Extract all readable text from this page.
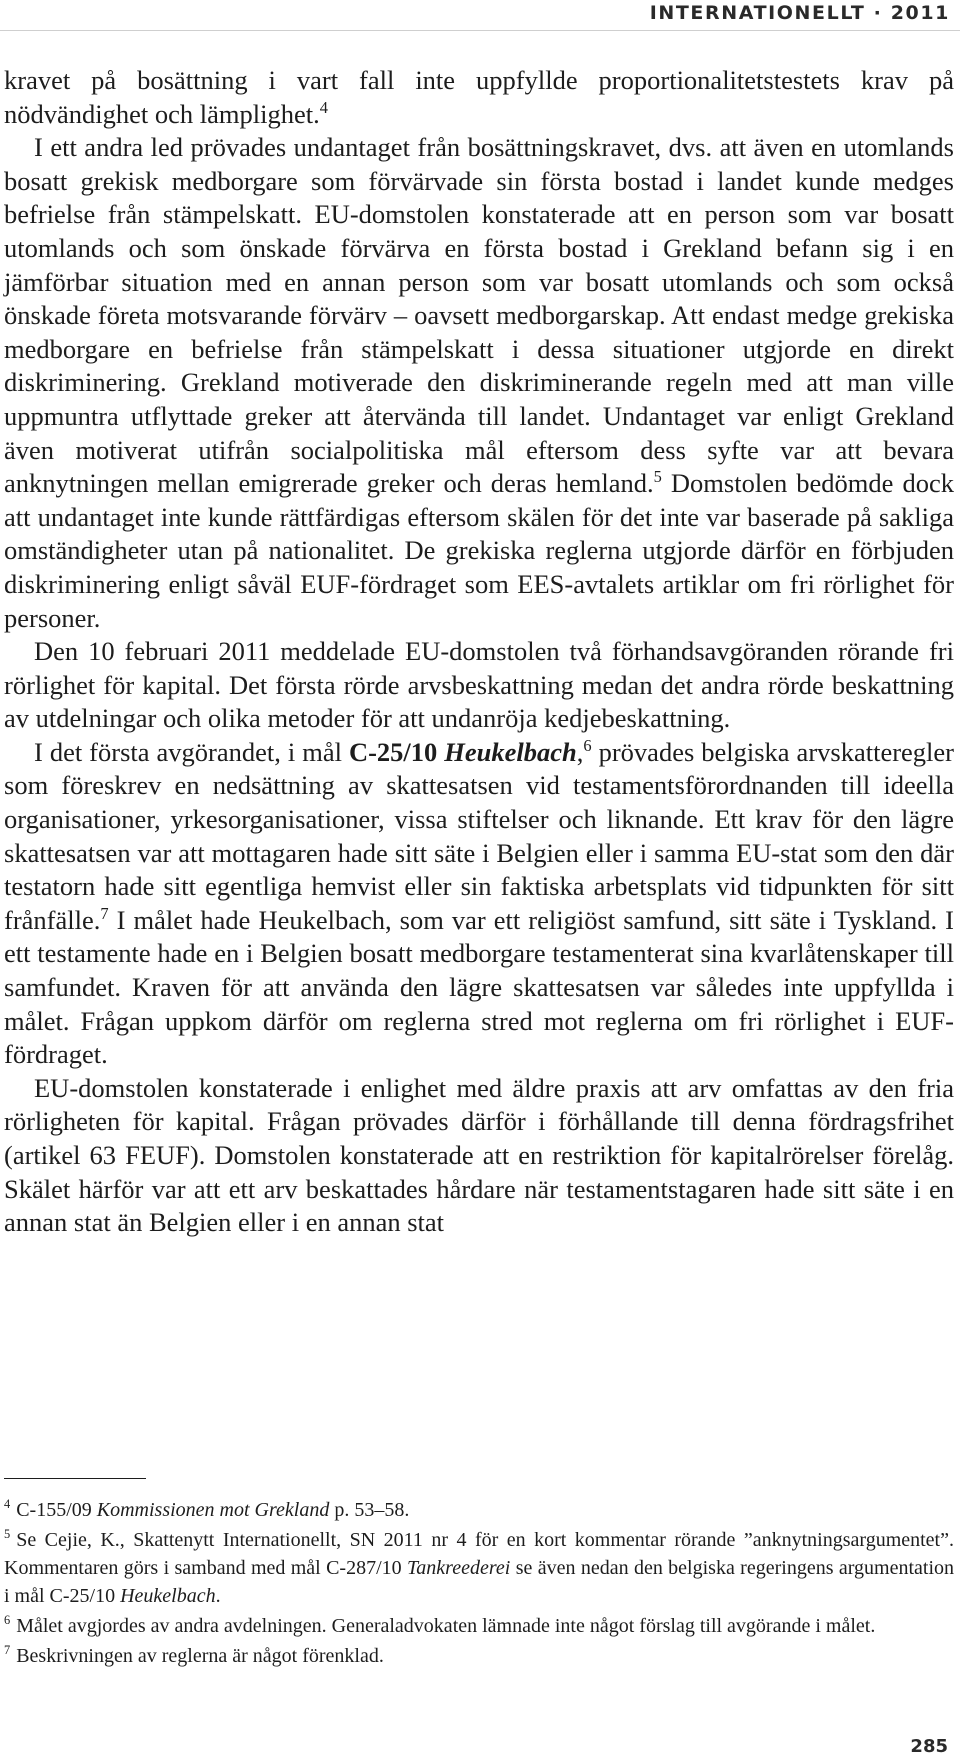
INTERNATIONELLT · 2011

kravet på bosättning i vart fall inte uppfyllde proportionalitetstestets krav på nödvändighet och lämplighet.$^4$

I ett andra led prövades undantaget från bosättningskravet, dvs. att även en utomlands bosatt grekisk medborgare som förvärvade sin första bostad i landet kunde medges befrielse från stämpelskatt. EU-domstolen konstaterade att en person som var bosatt utomlands och som önskade förvärva en första bostad i Grekland befann sig i en jämförbar situation med en annan person som var bosatt utomlands och som också önskade företa motsvarande förvärv – oavsett medborgarskap. Att endast medge grekiska medborgare en befrielse från stämpelskatt i dessa situationer utgjorde en direkt diskriminering. Grekland motiverade den diskriminerande regeln med att man ville uppmuntra utflyttade greker att återvända till landet. Undantaget var enligt Grekland även motiverat utifrån socialpolitiska mål eftersom dess syfte var att bevara anknytningen mellan emigrerade greker och deras hemland.$^5$ Domstolen bedömde dock att undantaget inte kunde rättfärdigas eftersom skälen för det inte var baserade på sakliga omständigheter utan på nationalitet. De grekiska reglerna utgjorde därför en förbjuden diskriminering enligt såväl EUF-fördraget som EES-avtalets artiklar om fri rörlighet för personer.

Den 10 februari 2011 meddelade EU-domstolen två förhandsavgöranden rörande fri rörlighet för kapital. Det första rörde arvsbeskattning medan det andra rörde beskattning av utdelningar och olika metoder för att undanröja kedjebeskattning.

I det första avgörandet, i mål C-25/10 Heukelbach,$^6$ prövades belgiska arvskatteregler som föreskrev en nedsättning av skattesatsen vid testamentsförordnanden till ideella organisationer, yrkesorganisationer, vissa stiftelser och liknande. Ett krav för den lägre skattesatsen var att mottagaren hade sitt säte i Belgien eller i samma EU-stat som den där testatorn hade sitt egentliga hemvist eller sin faktiska arbetsplats vid tidpunkten för sitt frånfälle.$^7$ I målet hade Heukelbach, som var ett religiöst samfund, sitt säte i Tyskland. I ett testamente hade en i Belgien bosatt medborgare testamenterat sina kvarlåtenskaper till samfundet. Kraven för att använda den lägre skattesatsen var således inte uppfyllda i målet. Frågan uppkom därför om reglerna stred mot reglerna om fri rörlighet i EUF-fördraget.

EU-domstolen konstaterade i enlighet med äldre praxis att arv omfattas av den fria rörligheten för kapital. Frågan prövades därför i förhållande till denna fördragsfrihet (artikel 63 FEUF). Domstolen konstaterade att en restriktion för kapitalrörelser förelåg. Skälet härför var att ett arv beskattades hårdare när testamentstagaren hade sitt säte i en annan stat än Belgien eller i en annan stat

$^4$ C-155/09 Kommissionen mot Grekland p. 53–58.

$^5$ Se Cejie, K., Skattenytt Internationellt, SN 2011 nr 4 för en kort kommentar rörande ”anknytningsargumentet”. Kommentaren görs i samband med mål C-287/10 Tankreederei se även nedan den belgiska regeringens argumentation i mål C-25/10 Heukelbach.

$^6$ Målet avgjordes av andra avdelningen. Generaladvokaten lämnade inte något förslag till avgörande i målet.

$^7$ Beskrivningen av reglerna är något förenklad.

285
